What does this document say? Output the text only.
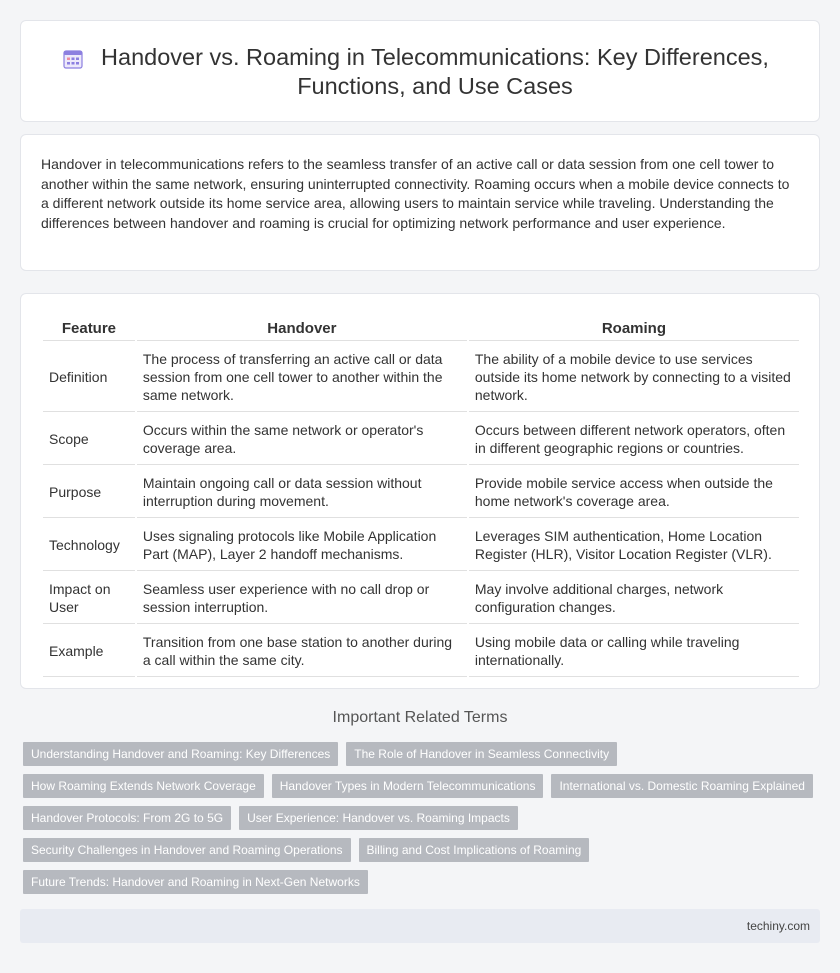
Handover vs. Roaming in Telecommunications: Key Differences, Functions, and Use Cases

Handover in telecommunications refers to the seamless transfer of an active call or data session from one cell tower to another within the same network, ensuring uninterrupted connectivity. Roaming occurs when a mobile device connects to a different network outside its home service area, allowing users to maintain service while traveling. Understanding the differences between handover and roaming is crucial for optimizing network performance and user experience.

Feature	Handover	Roaming
Definition	The process of transferring an active call or data session from one cell tower to another within the same network.	The ability of a mobile device to use services outside its home network by connecting to a visited network.
Scope	Occurs within the same network or operator's coverage area.	Occurs between different network operators, often in different geographic regions or countries.
Purpose	Maintain ongoing call or data session without interruption during movement.	Provide mobile service access when outside the home network's coverage area.
Technology	Uses signaling protocols like Mobile Application Part (MAP), Layer 2 handoff mechanisms.	Leverages SIM authentication, Home Location Register (HLR), Visitor Location Register (VLR).
Impact on User	Seamless user experience with no call drop or session interruption.	May involve additional charges, network configuration changes.
Example	Transition from one base station to another during a call within the same city.	Using mobile data or calling while traveling internationally.
Important Related Terms
Understanding Handover and Roaming: Key Differences	The Role of Handover in Seamless Connectivity
How Roaming Extends Network Coverage	Handover Types in Modern Telecommunications	International vs. Domestic Roaming Explained
Handover Protocols: From 2G to 5G	User Experience: Handover vs. Roaming Impacts
Security Challenges in Handover and Roaming Operations	Billing and Cost Implications of Roaming
Future Trends: Handover and Roaming in Next-Gen Networks
techiny.com
